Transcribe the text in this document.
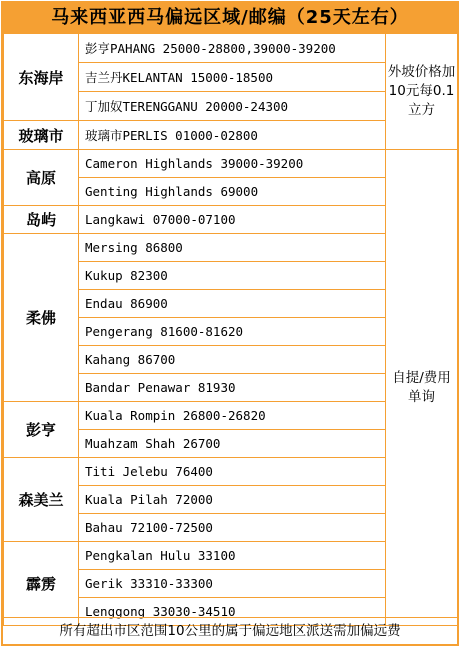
马来西亚西马偏远区域/邮编（25天左右）
东海岸	彭亨PAHANG 25000-28800,39000-39200	外坡价格加10元每0.1立方
	吉兰丹KELANTAN 15000-18500	
	丁加奴TERENGGANU 20000-24300	
玻璃市	玻璃市PERLIS 01000-02800	
高原	Cameron Highlands 39000-39200	自提/费用单询
	Genting Highlands 69000	
岛屿	Langkawi 07000-07100	
柔佛	Mersing 86800	
	Kukup 82300	
	Endau 86900	
	Pengerang 81600-81620	
	Kahang 86700	
	Bandar Penawar 81930	
彭亨	Kuala Rompin 26800-26820	
	Muahzam Shah 26700	
森美兰	Titi Jelebu 76400	
	Kuala Pilah 72000	
	Bahau 72100-72500	
霹雳	Pengkalan Hulu 33100	
	Gerik 33310-33300	
	Lenggong 33030-34510	
所有超出市区范围10公里的属于偏远地区派送需加偏远费
